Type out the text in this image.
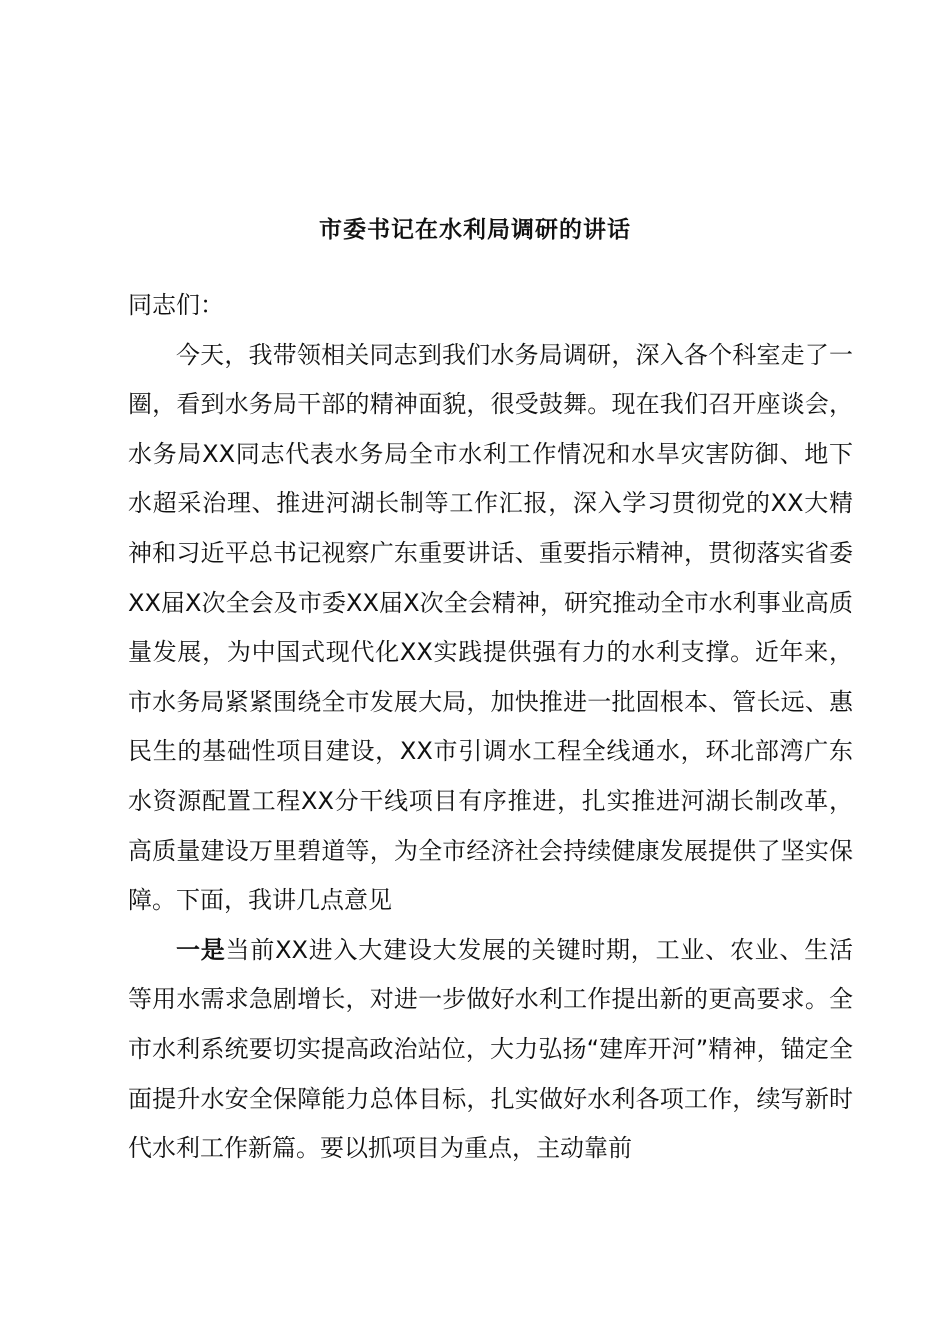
市委书记在水利局调研的讲话

同志们：

今天，我带领相关同志到我们水务局调研，深入各个科室走了一圈，看到水务局干部的精神面貌，很受鼓舞。现在我们召开座谈会，水务局XX同志代表水务局全市水利工作情况和水旱灾害防御、地下水超采治理、推进河湖长制等工作汇报，深入学习贯彻党的XX大精神和习近平总书记视察广东重要讲话、重要指示精神，贯彻落实省委XX届X次全会及市委XX届X次全会精神，研究推动全市水利事业高质量发展，为中国式现代化XX实践提供强有力的水利支撑。近年来，市水务局紧紧围绕全市发展大局，加快推进一批固根本、管长远、惠民生的基础性项目建设，XX市引调水工程全线通水，环北部湾广东水资源配置工程XX分干线项目有序推进，扎实推进河湖长制改革，高质量建设万里碧道等，为全市经济社会持续健康发展提供了坚实保障。下面，我讲几点意见

一是当前XX进入大建设大发展的关键时期，工业、农业、生活等用水需求急剧增长，对进一步做好水利工作提出新的更高要求。全市水利系统要切实提高政治站位，大力弘扬“建库开河”精神，锚定全面提升水安全保障能力总体目标，扎实做好水利各项工作，续写新时代水利工作新篇。要以抓项目为重点，主动靠前
